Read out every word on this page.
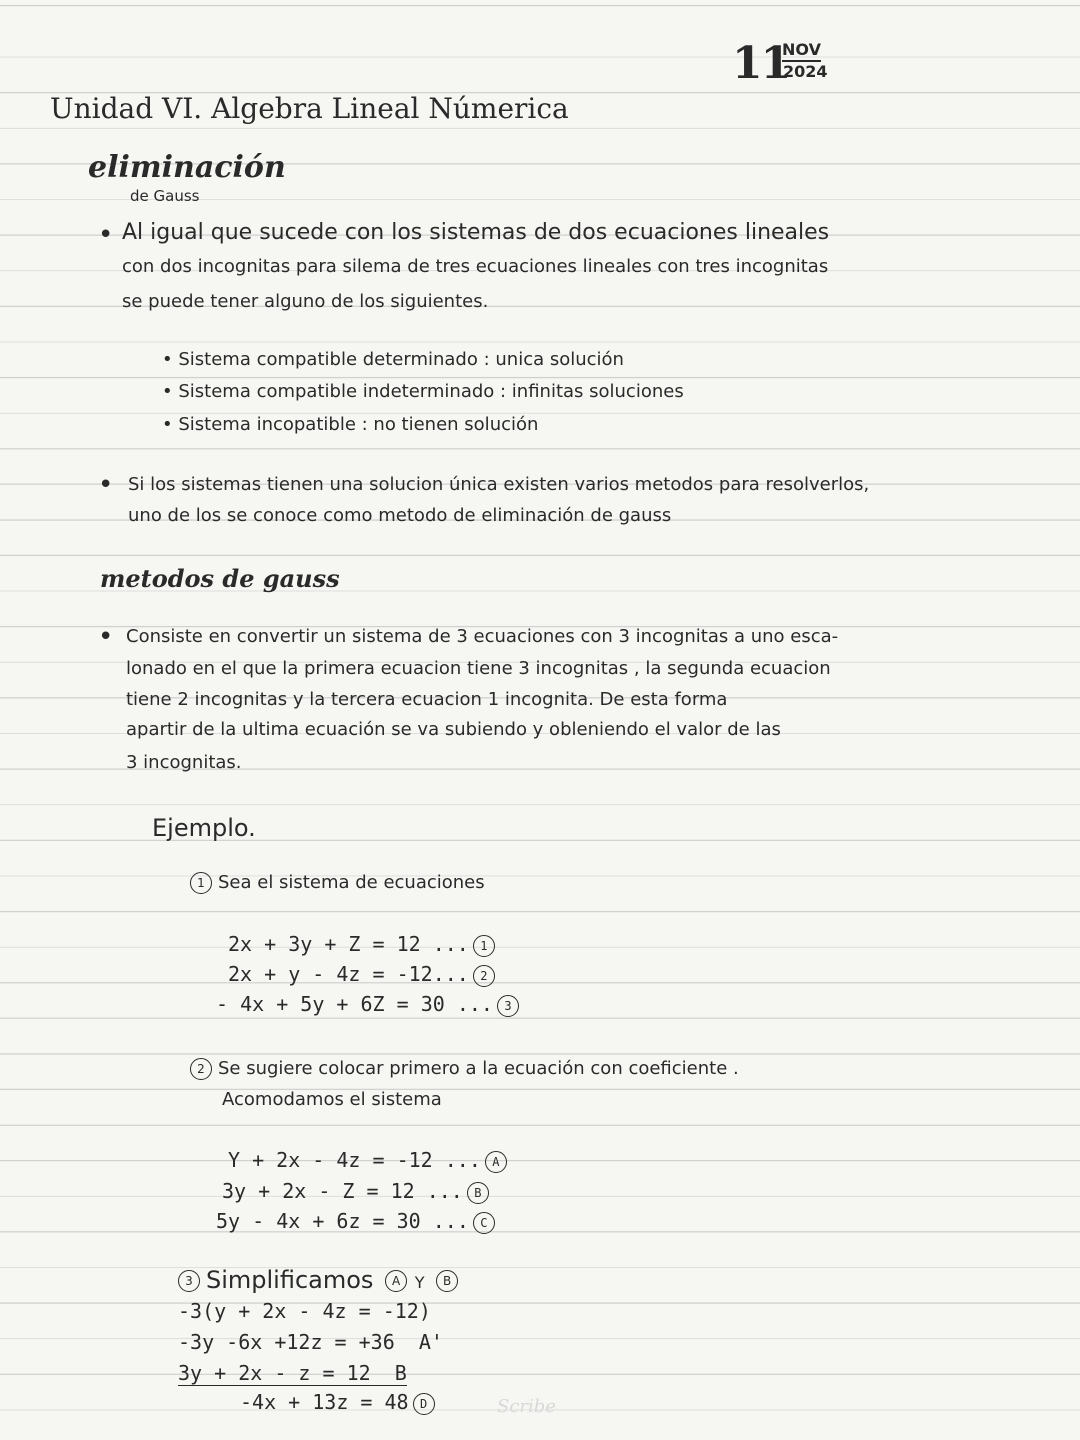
11
NOV
2024
Unidad VI. Algebra Lineal Númerica
eliminación
de Gauss
• Al igual que sucede con los sistemas de dos ecuaciones lineales
con dos incognitas para silema de tres ecuaciones lineales con tres incognitas
se puede tener alguno de los siguientes.
• Sistema compatible determinado : unica solución
• Sistema compatible indeterminado : infinitas soluciones
• Sistema incopatible : no tienen solución
• Si los sistemas tienen una solucion única existen varios metodos para resolverlos,
uno de los se conoce como metodo de eliminación de gauss
metodos de gauss
• Consiste en convertir un sistema de 3 ecuaciones con 3 incognitas a uno esca-
lonado en el que la primera ecuacion tiene 3 incognitas , la segunda ecuacion
tiene 2 incognitas y la tercera ecuacion 1 incognita. De esta forma
apartir de la ultima ecuación se va subiendo y obleniendo el valor de las
3 incognitas.
Ejemplo.
1 Sea el sistema de ecuaciones
2x + 3y + Z = 12 ... 1
2x + y - 4z = -12... 2
- 4x + 5y + 6Z = 30 ... 3
2 Se sugiere colocar primero a la ecuación con coeficiente .
Acomodamos el sistema
Y + 2x - 4z = -12 ... A
3y + 2x - Z = 12 ... B
5y - 4x + 6z = 30 ... C
3 Simplificamos A Y B
-3(y + 2x - 4z = -12)
-3y -6x +12z = +36 A'
3y + 2x - z = 12 B
-4x + 13z = 48 D	Scribe
